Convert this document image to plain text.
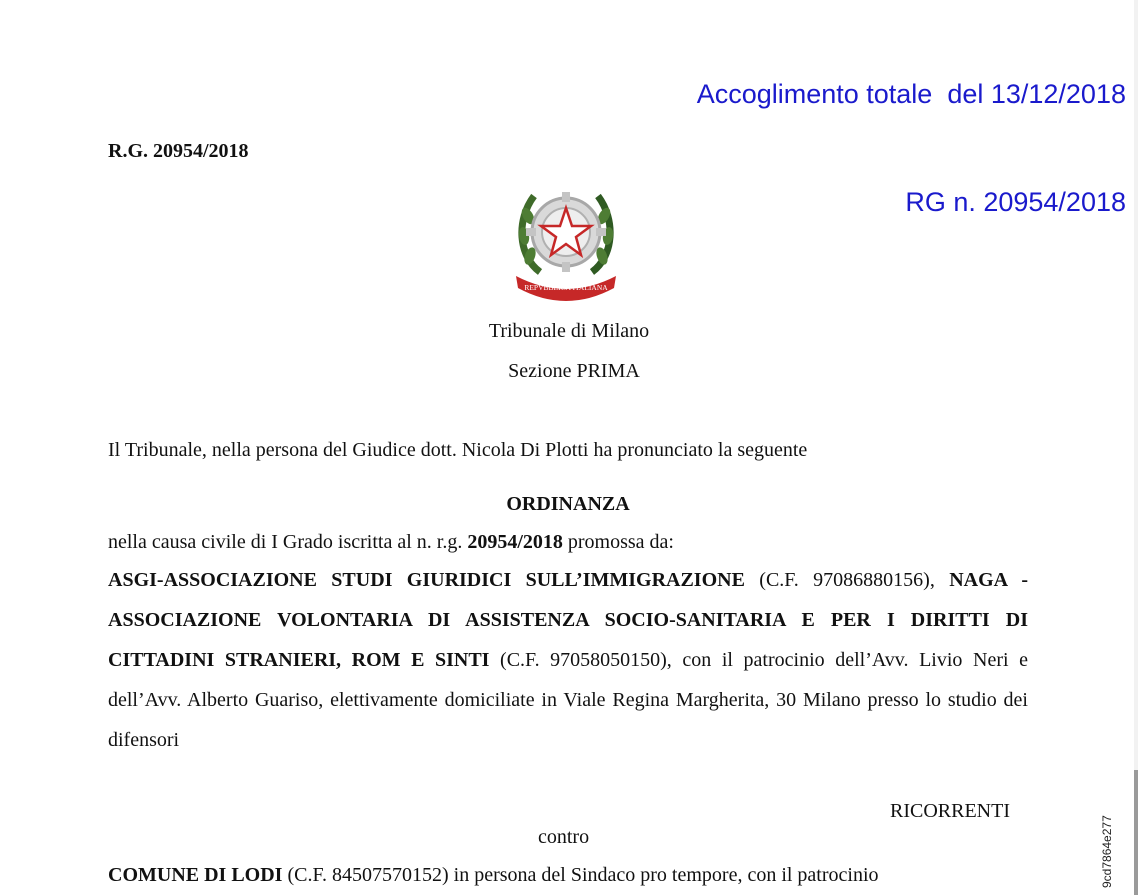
Accoglimento totale  del 13/12/2018

RG n. 20954/2018

R.G. 20954/2018
REPVBBLICA ITALIANA
Tribunale di Milano
Sezione PRIMA
Il Tribunale, nella persona del Giudice dott. Nicola Di Plotti ha pronunciato la seguente
ORDINANZA
nella causa civile di I Grado iscritta al n. r.g. 20954/2018 promossa da:

ASGI-ASSOCIAZIONE STUDI GIURIDICI SULL’IMMIGRAZIONE (C.F. 97086880156), NAGA - ASSOCIAZIONE VOLONTARIA DI ASSISTENZA SOCIO-SANITARIA E PER I DIRITTI DI CITTADINI STRANIERI, ROM E SINTI (C.F. 97058050150), con il patrocinio dell’Avv. Livio Neri e dell’Avv. Alberto Guariso, elettivamente domiciliate in Viale Regina Margherita, 30 Milano presso lo studio dei difensori

RICORRENTI
contro

COMUNE DI LODI (C.F. 84507570152) in persona del Sindaco pro tempore, con il patrocinio	9cd7864e277
